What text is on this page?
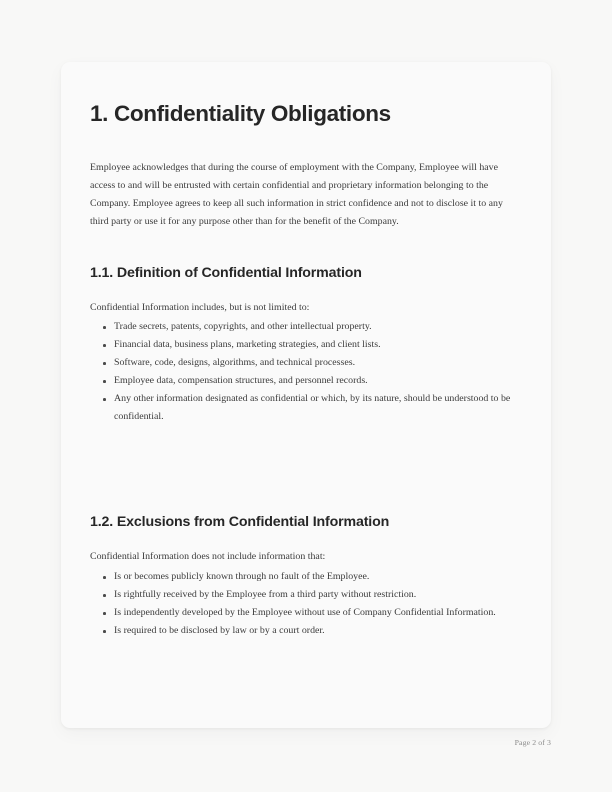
1. Confidentiality Obligations

Employee acknowledges that during the course of employment with the Company, Employee will have access to and will be entrusted with certain confidential and proprietary information belonging to the Company. Employee agrees to keep all such information in strict confidence and not to disclose it to any third party or use it for any purpose other than for the benefit of the Company.

1.1. Definition of Confidential Information

Confidential Information includes, but is not limited to:

Trade secrets, patents, copyrights, and other intellectual property.
Financial data, business plans, marketing strategies, and client lists.
Software, code, designs, algorithms, and technical processes.
Employee data, compensation structures, and personnel records.
Any other information designated as confidential or which, by its nature, should be understood to be confidential.
1.2. Exclusions from Confidential Information

Confidential Information does not include information that:

Is or becomes publicly known through no fault of the Employee.
Is rightfully received by the Employee from a third party without restriction.
Is independently developed by the Employee without use of Company Confidential Information.
Is required to be disclosed by law or by a court order.
Page 2 of 3
